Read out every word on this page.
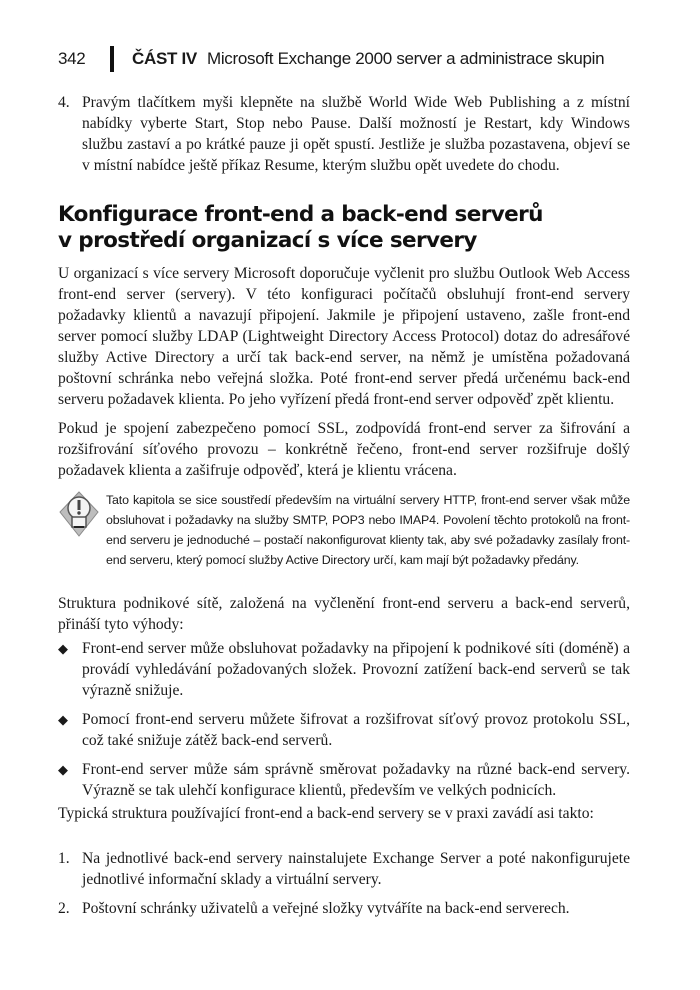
342	ČÁST IV Microsoft Exchange 2000 server a administrace skupin
4. Pravým tlačítkem myši klepněte na službě World Wide Web Publishing a z místní nabídky vyberte Start, Stop nebo Pause. Další možností je Restart, kdy Windows službu zastaví a po krátké pauze ji opět spustí. Jestliže je služba pozastavena, objeví se v místní nabídce ještě příkaz Resume, kterým službu opět uvedete do chodu.
Konfigurace front-end a back-end serverů
v prostředí organizací s více servery

U organizací s více servery Microsoft doporučuje vyčlenit pro službu Outlook Web Access front-end server (servery). V této konfiguraci počítačů obsluhují front-end servery požadavky klientů a navazují připojení. Jakmile je připojení ustaveno, zašle front-end server pomocí služby LDAP (Lightweight Directory Access Protocol) dotaz do adresářové služby Active Directory a určí tak back-end server, na němž je umístěna požadovaná poštovní schránka nebo veřejná složka. Poté front-end server předá určenému back-end serveru požadavek klienta. Po jeho vyřízení předá front-end server odpověď zpět klientu.

Pokud je spojení zabezpečeno pomocí SSL, zodpovídá front-end server za šifrování a rozšifrování síťového provozu – konkrétně řečeno, front-end server rozšifruje došlý požadavek klienta a zašifruje odpověď, která je klientu vrácena.

Tato kapitola se sice soustředí především na virtuální servery HTTP, front-end server však může obsluhovat i požadavky na služby SMTP, POP3 nebo IMAP4. Povolení těchto protokolů na front-end serveru je jednoduché – postačí nakonfigurovat klienty tak, aby své požadavky zasílaly front-end serveru, který pomocí služby Active Directory určí, kam mají být požadavky předány.

Struktura podnikové sítě, založená na vyčlenění front-end serveru a back-end serverů, přináší tyto výhody:

◆ Front-end server může obsluhovat požadavky na připojení k podnikové síti (doméně) a provádí vyhledávání požadovaných složek. Provozní zatížení back-end serverů se tak výrazně snižuje.
◆ Pomocí front-end serveru můžete šifrovat a rozšifrovat síťový provoz protokolu SSL, což také snižuje zátěž back-end serverů.
◆ Front-end server může sám správně směrovat požadavky na různé back-end servery. Výrazně se tak ulehčí konfigurace klientů, především ve velkých podnicích.

Typická struktura používající front-end a back-end servery se v praxi zavádí asi takto:

1. Na jednotlivé back-end servery nainstalujete Exchange Server a poté nakonfigurujete jednotlivé informační sklady a virtuální servery.
2. Poštovní schránky uživatelů a veřejné složky vytváříte na back-end serverech.
